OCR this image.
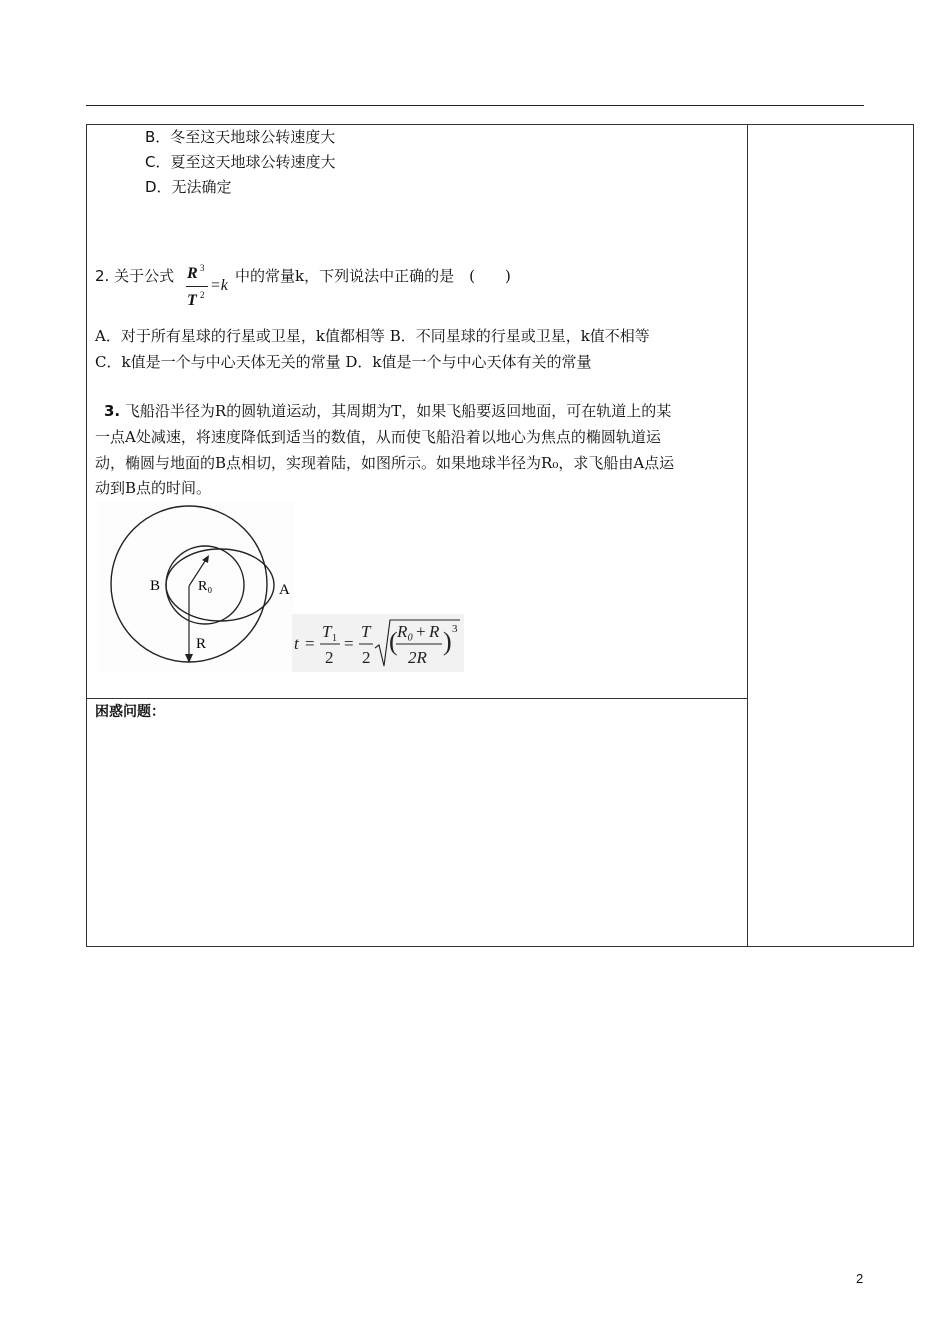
B．冬至这天地球公转速度大
C．夏至这天地球公转速度大
D．无法确定
2. 关于公式 R 3
T 2
=k
中的常量k，下列说法中正确的是　(　　)
A．对于所有星球的行星或卫星，k值都相等 B．不同星球的行星或卫星，k值不相等
C．k值是一个与中心天体无关的常量 D．k值是一个与中心天体有关的常量
3. 飞船沿半径为R的圆轨道运动，其周期为T，如果飞船要返回地面，可在轨道上的某
一点A处减速，将速度降低到适当的数值，从而使飞船沿着以地心为焦点的椭圆轨道运
动，椭圆与地面的B点相切，实现着陆，如图所示。如果地球半径为R₀，求飞船由A点运
动到B点的时间。
B	A
R₀
R	t =
T 1
2
=
T
2
( R₀ + R
2R
) 3
困惑问题：
2
